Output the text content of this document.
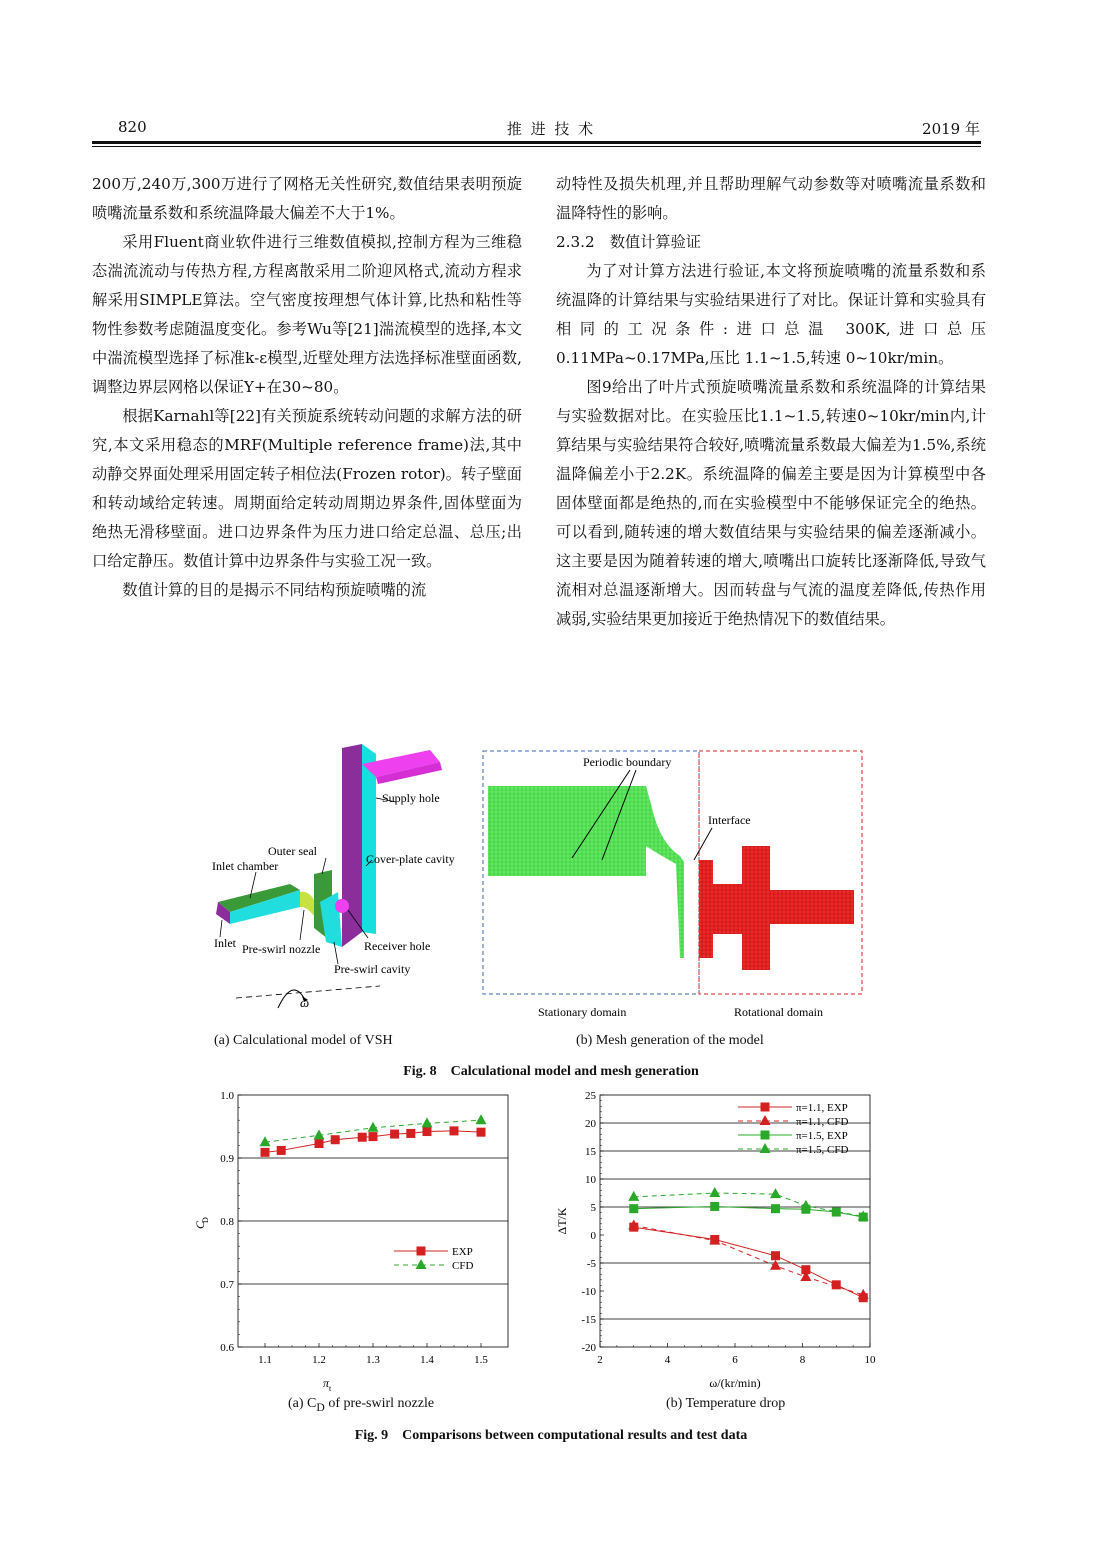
820	推 进 技 术	2019 年

200万,240万,300万进行了网格无关性研究,数值结果表明预旋喷嘴流量系数和系统温降最大偏差不大于1%。

采用Fluent商业软件进行三维数值模拟,控制方程为三维稳态湍流流动与传热方程,方程离散采用二阶迎风格式,流动方程求解采用SIMPLE算法。空气密度按理想气体计算,比热和粘性等物性参数考虑随温度变化。参考Wu等[21]湍流模型的选择,本文中湍流模型选择了标准k-ε模型,近壁处理方法选择标准壁面函数,调整边界层网格以保证Y+在30~80。

根据Karnahl等[22]有关预旋系统转动问题的求解方法的研究,本文采用稳态的MRF(Multiple reference frame)法,其中动静交界面处理采用固定转子相位法(Frozen rotor)。转子壁面和转动域给定转速。周期面给定转动周期边界条件,固体壁面为绝热无滑移壁面。进口边界条件为压力进口给定总温、总压;出口给定静压。数值计算中边界条件与实验工况一致。

数值计算的目的是揭示不同结构预旋喷嘴的流

动特性及损失机理,并且帮助理解气动参数等对喷嘴流量系数和温降特性的影响。

2.3.2　数值计算验证

为了对计算方法进行验证,本文将预旋喷嘴的流量系数和系统温降的计算结果与实验结果进行了对比。保证计算和实验具有相同的工况条件:进口总温 300K,进口总压 0.11MPa~0.17MPa,压比 1.1~1.5,转速 0~10kr/min。

图9给出了叶片式预旋喷嘴流量系数和系统温降的计算结果与实验数据对比。在实验压比1.1~1.5,转速0~10kr/min内,计算结果与实验结果符合较好,喷嘴流量系数最大偏差为1.5%,系统温降偏差小于2.2K。系统温降的偏差主要是因为计算模型中各固体壁面都是绝热的,而在实验模型中不能够保证完全的绝热。可以看到,随转速的增大数值结果与实验结果的偏差逐渐减小。这主要是因为随着转速的增大,喷嘴出口旋转比逐渐降低,导致气流相对总温逐渐增大。因而转盘与气流的温度差降低,传热作用减弱,实验结果更加接近于绝热情况下的数值结果。

Supply hole
Outer seal
Inlet chamber	Cover-plate cavity
Inlet Pre-swirl nozzle	Receiver hole
Pre-swirl cavity
ω
Periodic boundary
Interface
Stationary domain	Rotational domain
(a) Calculational model of VSH	(b) Mesh generation of the model
Fig. 8　Calculational model and mesh generation
0.6
0.7
0.8
0.9
1.0
1.1	1.2	1.3	1.4	1.5
EXP
CFD
π t
C
D
(a) $C_D$ of pre-swirl nozzle
-20
-15
-10
-5
0
5
10
15
20
25
2	4	6	8	10
π=1.1, EXP
π=1.1, CFD
π=1.5, EXP
π=1.5, CFD
ω/(kr/min)
ΔT/K
(b) Temperature drop
Fig. 9　Comparisons between computational results and test data
